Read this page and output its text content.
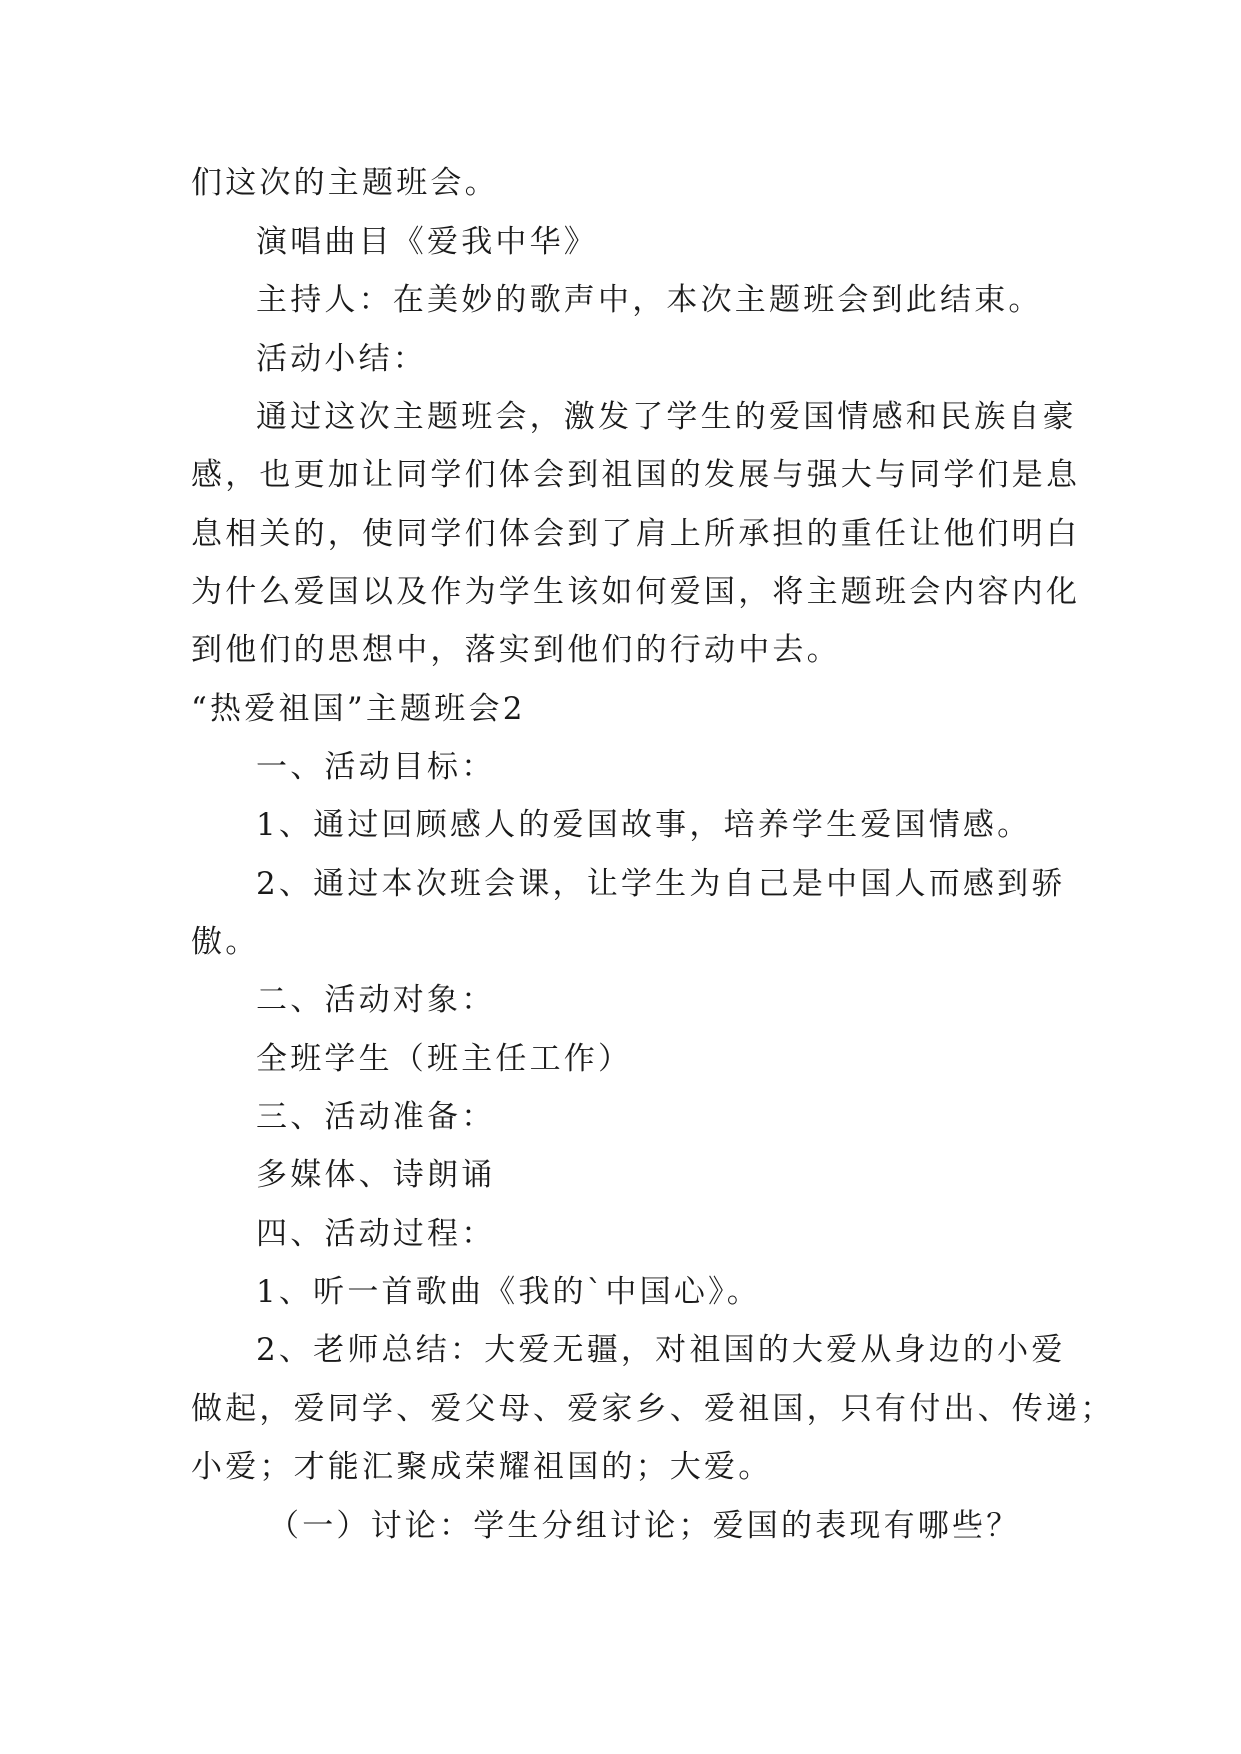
们这次的主题班会。
演唱曲目《爱我中华》
主持人：在美妙的歌声中，本次主题班会到此结束。
活动小结：
通过这次主题班会，激发了学生的爱国情感和民族自豪
感，也更加让同学们体会到祖国的发展与强大与同学们是息
息相关的，使同学们体会到了肩上所承担的重任让他们明白
为什么爱国以及作为学生该如何爱国，将主题班会内容内化
到他们的思想中，落实到他们的行动中去。
“热爱祖国”主题班会2
一、活动目标：
1、通过回顾感人的爱国故事，培养学生爱国情感。
2、通过本次班会课，让学生为自己是中国人而感到骄
傲。
二、活动对象：
全班学生（班主任工作）
三、活动准备：
多媒体、诗朗诵
四、活动过程：
1、听一首歌曲《我的`中国心》。
2、老师总结：大爱无疆，对祖国的大爱从身边的小爱
做起，爱同学、爱父母、爱家乡、爱祖国，只有付出、传递；
小爱；才能汇聚成荣耀祖国的；大爱。
（一）讨论：学生分组讨论；爱国的表现有哪些？
